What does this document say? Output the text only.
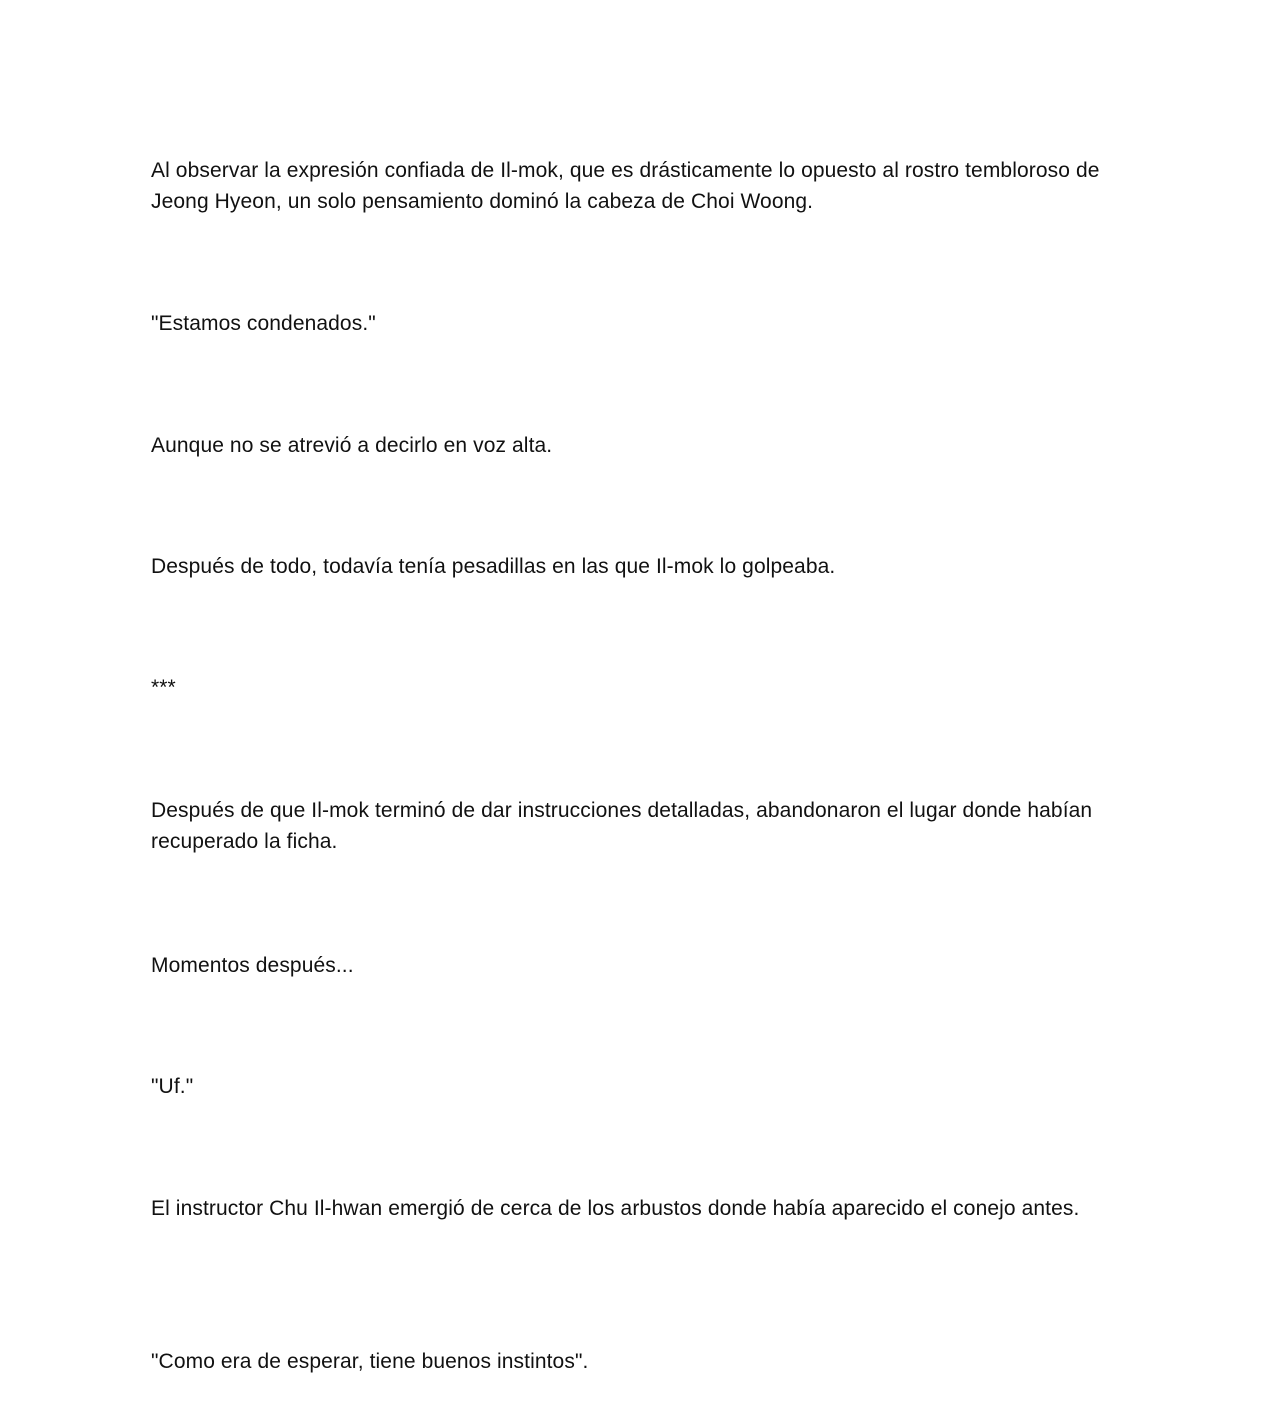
Al observar la expresión confiada de Il-mok, que es drásticamente lo opuesto al rostro tembloroso de Jeong Hyeon, un solo pensamiento dominó la cabeza de Choi Woong.

"Estamos condenados."

Aunque no se atrevió a decirlo en voz alta.

Después de todo, todavía tenía pesadillas en las que Il-mok lo golpeaba.

***

Después de que Il-mok terminó de dar instrucciones detalladas, abandonaron el lugar donde habían recuperado la ficha.

Momentos después...

"Uf."

El instructor Chu Il-hwan emergió de cerca de los arbustos donde había aparecido el conejo antes.

"Como era de esperar, tiene buenos instintos".
